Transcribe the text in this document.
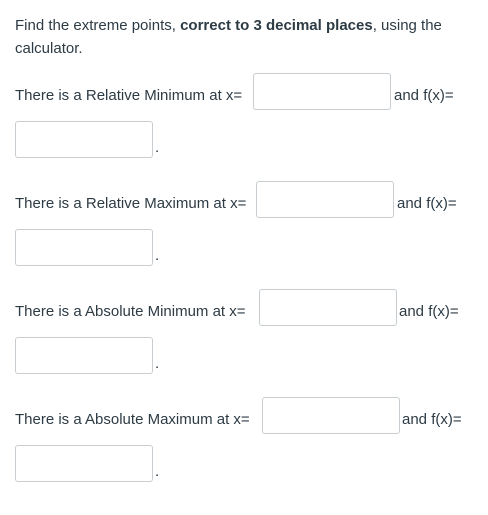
Find the extreme points, correct to 3 decimal places, using the calculator.
There is a Relative Minimum at x=	and f(x)=
.
There is a Relative Maximum at x=	and f(x)=
.
There is a Absolute Minimum at x=	and f(x)=
.
There is a Absolute Maximum at x=	and f(x)=
.
